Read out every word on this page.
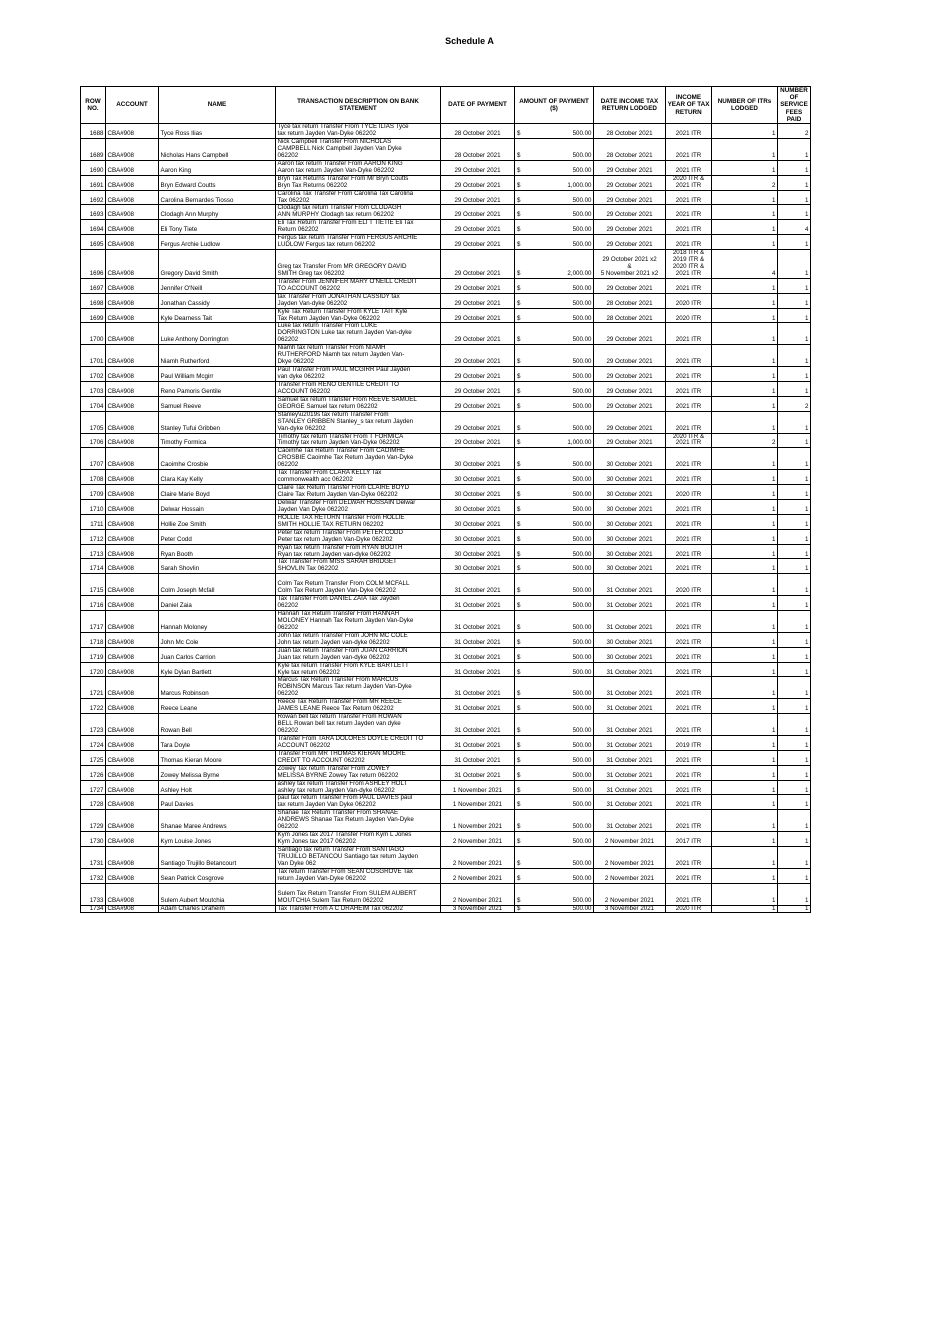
Schedule A
ROW NO.	ACCOUNT	NAME	TRANSACTION DESCRIPTION ON BANK STATEMENT	DATE OF PAYMENT	AMOUNT OF PAYMENT ($)	DATE INCOME TAX RETURN LODGED	INCOME YEAR OF TAX RETURN	NUMBER OF ITRs LODGED	NUMBER OF SERVICE FEES PAID
1688	CBA#908	Tyce Ross Ilias	Tyce tax return Transfer From TYCE ILIAS Tyce
tax return Jayden Van-Dyke 062202	28 October 2021	$ 500.00	28 October 2021	2021 ITR	1	2
1689	CBA#908	Nicholas Hans Campbell	Nick Campbell Transfer From NICHOLAS
CAMPBELL Nick Campbell Jayden Van Dyke
062202	28 October 2021	$ 500.00	28 October 2021	2021 ITR	1	1
1690	CBA#908	Aaron King	Aaron tax return Transfer From AARON KING
Aaron tax return Jayden Van-Dyke 062202	29 October 2021	$ 500.00	29 October 2021	2021 ITR	1	1
1691	CBA#908	Bryn Edward Coutts	Bryn Tax Returns Transfer From Mr Bryn Coutts
Bryn Tax Returns 062202	29 October 2021	$ 1,000.00	29 October 2021	2020 ITR &
2021 ITR	2	1
1692	CBA#908	Carolina Bernardes Tiosso	Carolina Tax Transfer From Carolina Tax Carolina
Tax 062202	29 October 2021	$ 500.00	29 October 2021	2021 ITR	1	1
1693	CBA#908	Clodagh Ann Murphy	Clodagh tax return Transfer From CLODAGH
ANN MURPHY Clodagh tax return 062202	29 October 2021	$ 500.00	29 October 2021	2021 ITR	1	1
1694	CBA#908	Eli Tony Tiete	Eli Tax Return Transfer From ELI T TIETIE Eli Tax
Return 062202	29 October 2021	$ 500.00	29 October 2021	2021 ITR	1	4
1695	CBA#908	Fergus Archie Ludlow	Fergus tax return Transfer From FERGUS ARCHIE
LUDLOW Fergus tax return 062202	29 October 2021	$ 500.00	29 October 2021	2021 ITR	1	1
1696	CBA#908	Gregory David Smith	Greg tax Transfer From MR GREGORY DAVID
SMITH Greg tax 062202	29 October 2021	$ 2,000.00	29 October 2021 x2
&
5 November 2021 x2	2018 ITR &
2019 ITR &
2020 ITR &
2021 ITR	4	1
1697	CBA#908	Jennifer O'Neill	Transfer From JENNIFER MARY O'NEILL CREDIT
TO ACCOUNT 062202	29 October 2021	$ 500.00	29 October 2021	2021 ITR	1	1
1698	CBA#908	Jonathan Cassidy	tax Transfer From JONATHAN CASSIDY tax
Jayden Van-dyke 062202	29 October 2021	$ 500.00	28 October 2021	2020 ITR	1	1
1699	CBA#908	Kyle Dearness Tait	Kyle Tax Return Transfer From KYLE TAIT Kyle
Tax Return Jayden Van-Dyke 062202	29 October 2021	$ 500.00	28 October 2021	2020 ITR	1	1
1700	CBA#908	Luke Anthony Dorrington	Luke tax return Transfer From LUKE
DORRINGTON Luke tax return Jayden Van-dyke
062202	29 October 2021	$ 500.00	29 October 2021	2021 ITR	1	1
1701	CBA#908	Niamh Rutherford	Niamh tax return Transfer From NIAMH
RUTHERFORD Niamh tax return Jayden Van-
Dkye 062202	29 October 2021	$ 500.00	29 October 2021	2021 ITR	1	1
1702	CBA#908	Paul William Mcgirr	Paul Transfer From PAUL MCGIRR Paul Jayden
van dyke 062202	29 October 2021	$ 500.00	29 October 2021	2021 ITR	1	1
1703	CBA#908	Reno Pamoris Gentile	Transfer From RENO GENTILE CREDIT TO
ACCOUNT 062202	29 October 2021	$ 500.00	29 October 2021	2021 ITR	1	1
1704	CBA#908	Samuel Reeve	Samuel tax return Transfer From REEVE SAMUEL
GEORGE Samuel tax return 062202	29 October 2021	$ 500.00	29 October 2021	2021 ITR	1	2
1705	CBA#908	Stanley Tufui Gribben	Stanley\u2019s tax return Transfer From
STANLEY GRIBBEN Stanley_s tax return Jayden
Van-dyke 062202	29 October 2021	$ 500.00	29 October 2021	2021 ITR	1	1
1706	CBA#908	Timothy Formica	Timothy tax return Transfer From T FORMICA
Timothy tax return Jayden Van-Dyke 062202	29 October 2021	$ 1,000.00	29 October 2021	2020 ITR &
2021 ITR	2	1
1707	CBA#908	Caoimhe Crosbie	Caoimhe Tax Return Transfer From CAOIMHE
CROSBIE Caoimhe Tax Return Jayden Van-Dyke
062202	30 October 2021	$ 500.00	30 October 2021	2021 ITR	1	1
1708	CBA#908	Clara Kay Kelly	Tax Transfer From CLARA KELLY Tax
commonwealth acc 062202	30 October 2021	$ 500.00	30 October 2021	2021 ITR	1	1
1709	CBA#908	Claire Marie Boyd	Claire Tax Return Transfer From CLAIRE BOYD
Claire Tax Return Jayden Van-Dyke 062202	30 October 2021	$ 500.00	30 October 2021	2020 ITR	1	1
1710	CBA#908	Delwar Hossain	Delwar Transfer From DELWAR HOSSAIN Delwar
Jayden Van Dyke 062202	30 October 2021	$ 500.00	30 October 2021	2021 ITR	1	1
1711	CBA#908	Hollie Zoe Smith	HOLLIE TAX RETURN Transfer From HOLLIE
SMITH HOLLIE TAX RETURN 062202	30 October 2021	$ 500.00	30 October 2021	2021 ITR	1	1
1712	CBA#908	Peter Codd	Peter tax return Transfer From PETER CODD
Peter tax return Jayden Van-Dyke 062202	30 October 2021	$ 500.00	30 October 2021	2021 ITR	1	1
1713	CBA#908	Ryan Booth	Ryan tax return Transfer From RYAN BOOTH
Ryan tax return Jayden van-dyke 062202	30 October 2021	$ 500.00	30 October 2021	2021 ITR	1	1
1714	CBA#908	Sarah Shovlin	Tax Transfer From MISS SARAH BRIDGET
SHOVLIN Tax 062202	30 October 2021	$ 500.00	30 October 2021	2021 ITR	1	1
1715	CBA#908	Colm Joseph Mcfall	Colm Tax Return Transfer From COLM MCFALL
Colm Tax Return Jayden Van-Dyke 062202	31 October 2021	$ 500.00	31 October 2021	2020 ITR	1	1
1716	CBA#908	Daniel Zaia	Tax Transfer From DANIEL ZAIA Tax Jayden
062202	31 October 2021	$ 500.00	31 October 2021	2021 ITR	1	1
1717	CBA#908	Hannah Moloney	Hannah Tax Return Transfer From HANNAH
MOLONEY Hannah Tax Return Jayden Van-Dyke
062202	31 October 2021	$ 500.00	31 October 2021	2021 ITR	1	1
1718	CBA#908	John Mc Cole	John tax return Transfer From JOHN MC COLE
John tax return Jayden van-dyke 062202	31 October 2021	$ 500.00	30 October 2021	2021 ITR	1	1
1719	CBA#908	Juan Carlos Carrion	Juan tax return Transfer From JUAN CARRION
Juan tax return Jayden van-dyke 062202	31 October 2021	$ 500.00	30 October 2021	2021 ITR	1	1
1720	CBA#908	Kyle Dylan Bartlett	Kyle tax return Transfer From KYLE BARTLETT
Kyle tax return 062202	31 October 2021	$ 500.00	31 October 2021	2021 ITR	1	1
1721	CBA#908	Marcus Robinson	Marcus Tax Return Transfer From MARCUS
ROBINSON Marcus Tax return Jayden Van-Dyke
062202	31 October 2021	$ 500.00	31 October 2021	2021 ITR	1	1
1722	CBA#908	Reece Leane	Reece Tax Return Transfer From MR REECE
JAMES LEANE Reece Tax Return 062202	31 October 2021	$ 500.00	31 October 2021	2021 ITR	1	1
1723	CBA#908	Rowan Bell	Rowan bell tax return Transfer From ROWAN
BELL Rowan bell tax return Jayden van dyke
062202	31 October 2021	$ 500.00	31 October 2021	2021 ITR	1	1
1724	CBA#908	Tara Doyle	Transfer From TARA DOLORES DOYLE CREDIT TO
ACCOUNT 062202	31 October 2021	$ 500.00	31 October 2021	2019 ITR	1	1
1725	CBA#908	Thomas Kieran Moore	Transfer From MR THOMAS KIERAN MOORE
CREDIT TO ACCOUNT 062202	31 October 2021	$ 500.00	31 October 2021	2021 ITR	1	1
1726	CBA#908	Zowey Melissa Byrne	Zowey Tax return Transfer From ZOWEY
MELISSA BYRNE Zowey Tax return 062202	31 October 2021	$ 500.00	31 October 2021	2021 ITR	1	1
1727	CBA#908	Ashley Holt	ashley tax return Transfer From ASHLEY HOLT
ashley tax return Jayden Van-dyke 062202	1 November 2021	$ 500.00	31 October 2021	2021 ITR	1	1
1728	CBA#908	Paul Davies	paul tax return Transfer From PAUL DAVIES paul
tax return Jayden Van Dyke 062202	1 November 2021	$ 500.00	31 October 2021	2021 ITR	1	1
1729	CBA#908	Shanae Maree Andrews	Shanae Tax Return Transfer From SHANAE
ANDREWS Shanae Tax Return Jayden Van-Dyke
062202	1 November 2021	$ 500.00	31 October 2021	2021 ITR	1	1
1730	CBA#908	Kym Louise Jones	Kym Jones tax 2017 Transfer From Kym L Jones
Kym Jones tax 2017 062202	2 November 2021	$ 500.00	2 November 2021	2017 ITR	1	1
1731	CBA#908	Santiago Trujillo Betancourt	Santiago tax return Transfer From SANTIAGO
TRUJILLO BETANCOU Santiago tax return Jayden
Van Dyke 062	2 November 2021	$ 500.00	2 November 2021	2021 ITR	1	1
1732	CBA#908	Sean Patrick Cosgrove	Tax return Transfer From SEAN COSGROVE Tax
return Jayden Van-Dyke 062202	2 November 2021	$ 500.00	2 November 2021	2021 ITR	1	1
1733	CBA#908	Sulem Aubert Moutchia	Sulem Tax Return Transfer From SULEM AUBERT
MOUTCHIA Sulem Tax Return 062202	2 November 2021	$ 500.00	2 November 2021	2021 ITR	1	1
1734	CBA#908	Adam Charles Draheim	Tax Transfer From A C DRAHEIM Tax 062202	3 November 2021	$ 500.00	3 November 2021	2020 ITR	1	1
